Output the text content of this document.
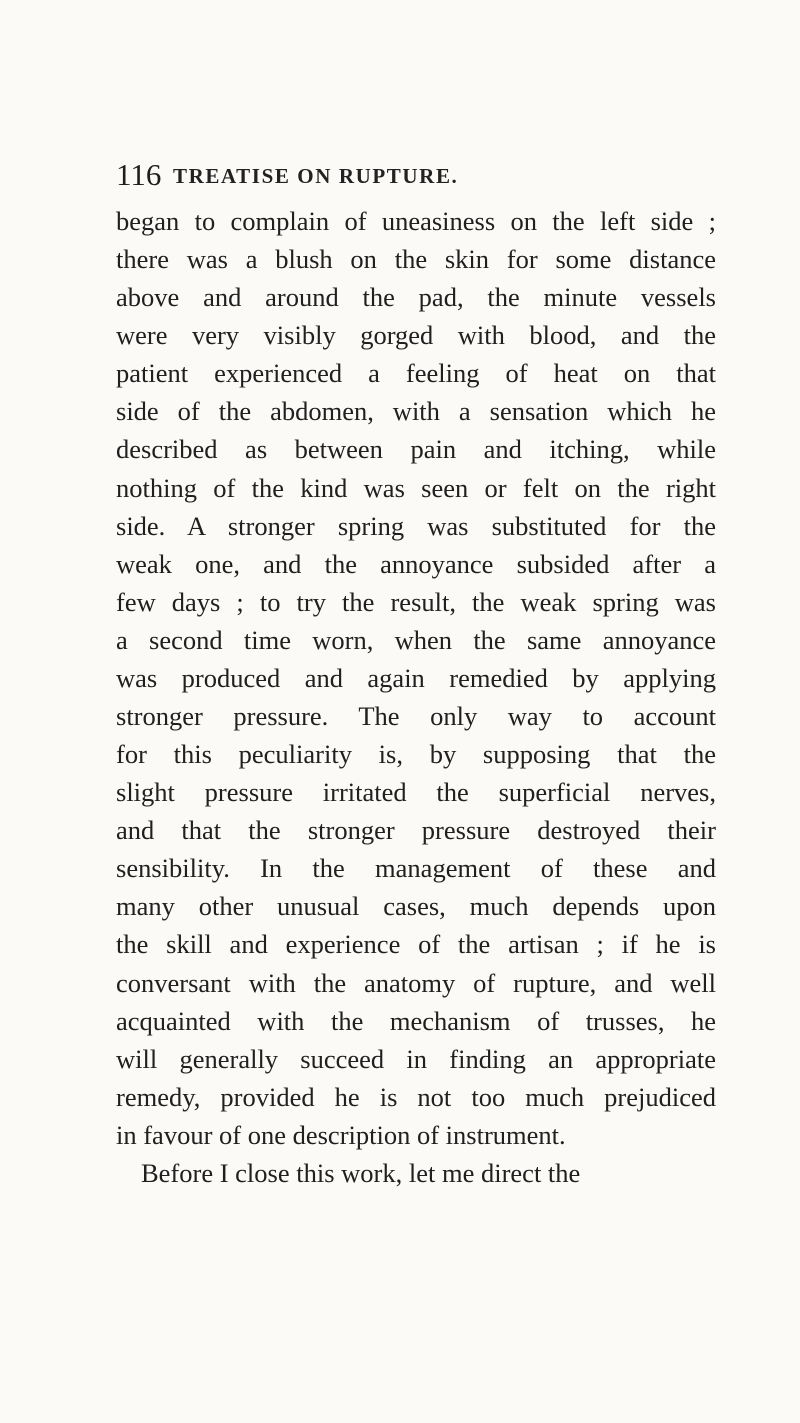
116 TREATISE ON RUPTURE.
began to complain of uneasiness on the left side ;
there was a blush on the skin for some distance
above and around the pad, the minute vessels
were very visibly gorged with blood, and the
patient experienced a feeling of heat on that
side of the abdomen, with a sensation which he
described as between pain and itching, while
nothing of the kind was seen or felt on the right
side. A stronger spring was substituted for the
weak one, and the annoyance subsided after a
few days ; to try the result, the weak spring was
a second time worn, when the same annoyance
was produced and again remedied by applying
stronger pressure. The only way to account
for this peculiarity is, by supposing that the
slight pressure irritated the superficial nerves,
and that the stronger pressure destroyed their
sensibility. In the management of these and
many other unusual cases, much depends upon
the skill and experience of the artisan ; if he is
conversant with the anatomy of rupture, and well
acquainted with the mechanism of trusses, he
will generally succeed in finding an appropriate
remedy, provided he is not too much prejudiced
in favour of one description of instrument.
Before I close this work, let me direct the
